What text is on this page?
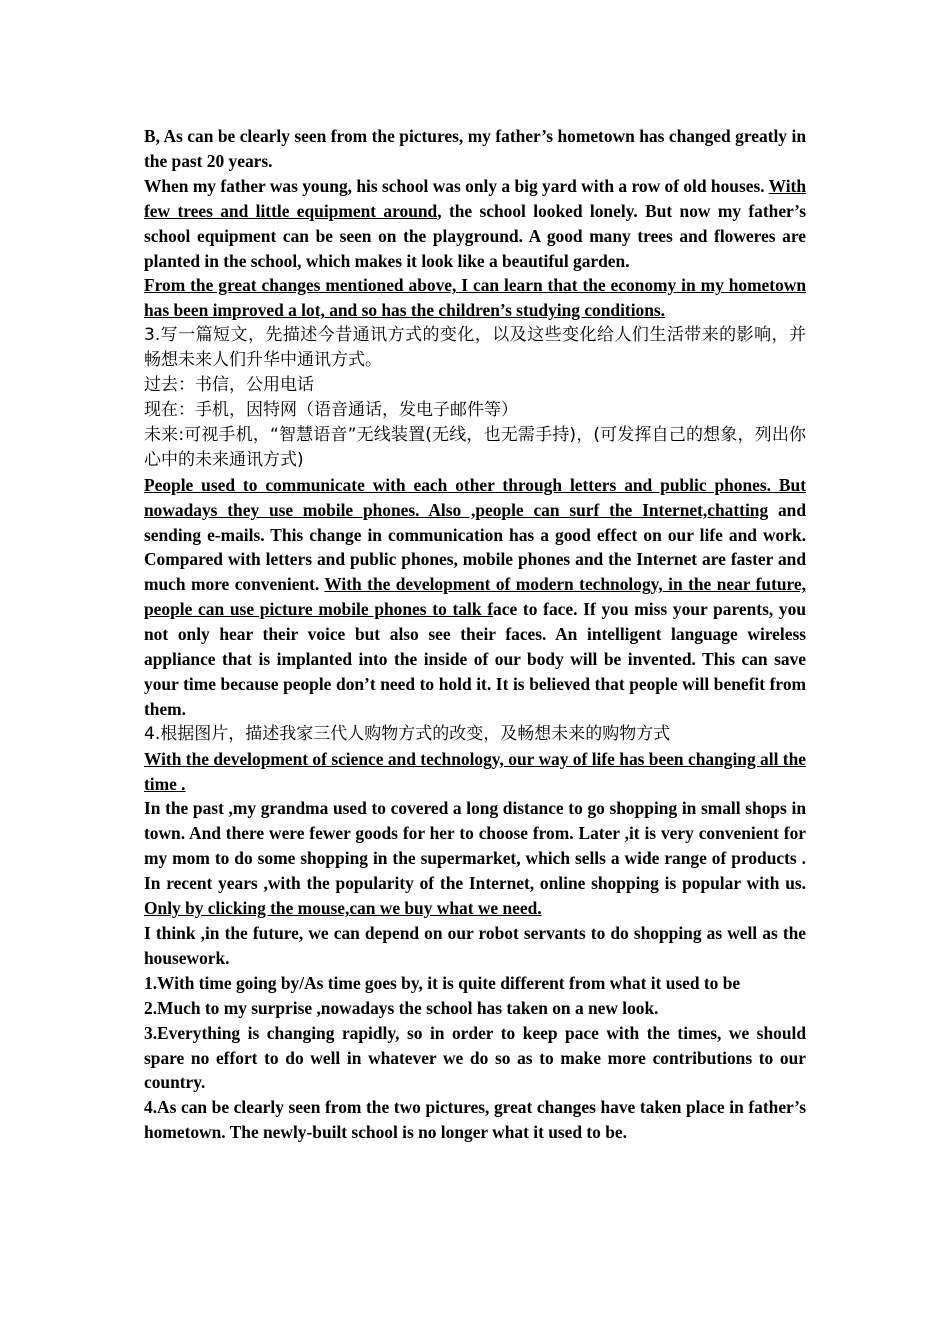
B, As can be clearly seen from the pictures, my father’s hometown has changed greatly in the past 20 years.

When my father was young, his school was only a big yard with a row of old houses. With few trees and little equipment around, the school looked lonely. But now my father’s school equipment can be seen on the playground. A good many trees and floweres are planted in the school, which makes it look like a beautiful garden.

From the great changes mentioned above, I can learn that the economy in my hometown has been improved a lot, and so has the children’s studying conditions.

3.写一篇短文，先描述今昔通讯方式的变化，以及这些变化给人们生活带来的影响，并畅想未来人们升华中通讯方式。

过去：书信，公用电话

现在：手机，因特网（语音通话，发电子邮件等）

未来:可视手机，“智慧语音”无线装置(无线，也无需手持)，(可发挥自己的想象，列出你心中的未来通讯方式)

People used to communicate with each other through letters and public phones. But nowadays they use mobile phones. Also ,people can surf the Internet,chatting and sending e-mails. This change in communication has a good effect on our life and work. Compared with letters and public phones, mobile phones and the Internet are faster and much more convenient. With the development of modern technology, in the near future, people can use picture mobile phones to talk face to face. If you miss your parents, you not only hear their voice but also see their faces. An intelligent language wireless appliance that is implanted into the inside of our body will be invented. This can save your time because people don’t need to hold it. It is believed that people will benefit from them.

4.根据图片，描述我家三代人购物方式的改变，及畅想未来的购物方式

With the development of science and technology, our way of life has been changing all the time .

In the past ,my grandma used to covered a long distance to go shopping in small shops in town. And there were fewer goods for her to choose from. Later ,it is very convenient for my mom to do some shopping in the supermarket, which sells a wide range of products . In recent years ,with the popularity of the Internet, online shopping is popular with us. Only by clicking the mouse,can we buy what we need.

I think ,in the future, we can depend on our robot servants to do shopping as well as the housework.

1.With time going by/As time goes by, it is quite different from what it used to be

2.Much to my surprise ,nowadays the school has taken on a new look.

3.Everything is changing rapidly, so in order to keep pace with the times, we should spare no effort to do well in whatever we do so as to make more contributions to our country.

4.As can be clearly seen from the two pictures, great changes have taken place in father’s hometown. The newly-built school is no longer what it used to be.
